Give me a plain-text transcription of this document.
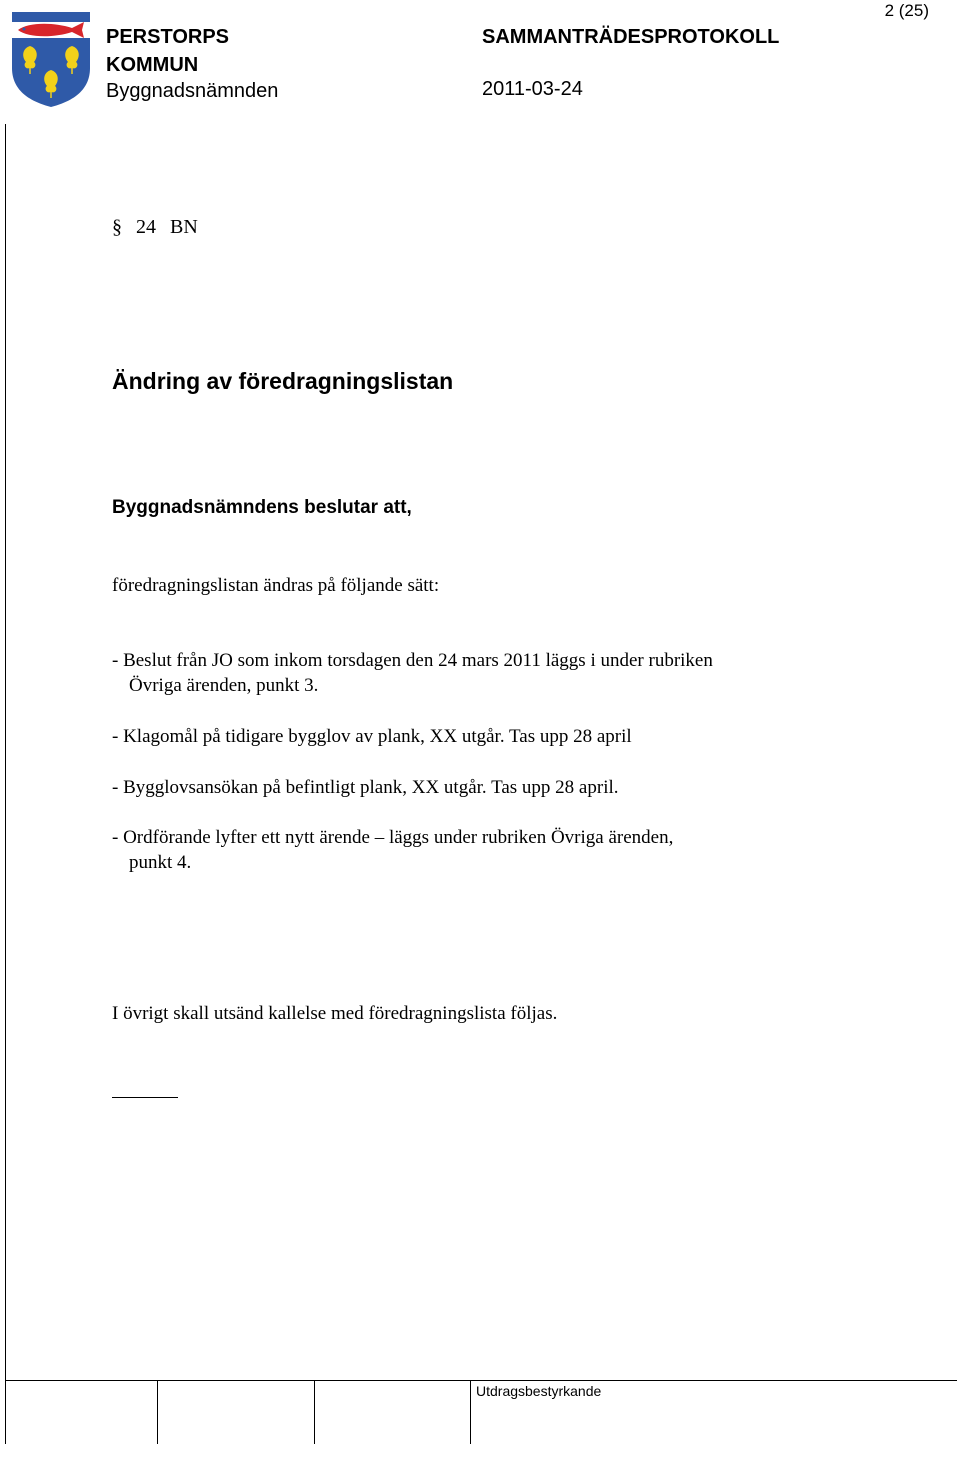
PERSTORPS
KOMMUN
Byggnadsnämnden
SAMMANTRÄDESPROTOKOLL
2011-03-24
2 (25)
§ 24 BN
Ändring av föredragningslistan
Byggnadsnämndens beslutar att,
föredragningslistan ändras på följande sätt:
- Beslut från JO som inkom torsdagen den 24 mars 2011 läggs i under rubriken
Övriga ärenden, punkt 3.
- Klagomål på tidigare bygglov av plank, XX utgår. Tas upp 28 april
- Bygglovsansökan på befintligt plank, XX utgår. Tas upp 28 april.
- Ordförande lyfter ett nytt ärende – läggs under rubriken Övriga ärenden,
punkt 4.
I övrigt skall utsänd kallelse med föredragningslista följas.
Utdragsbestyrkande
